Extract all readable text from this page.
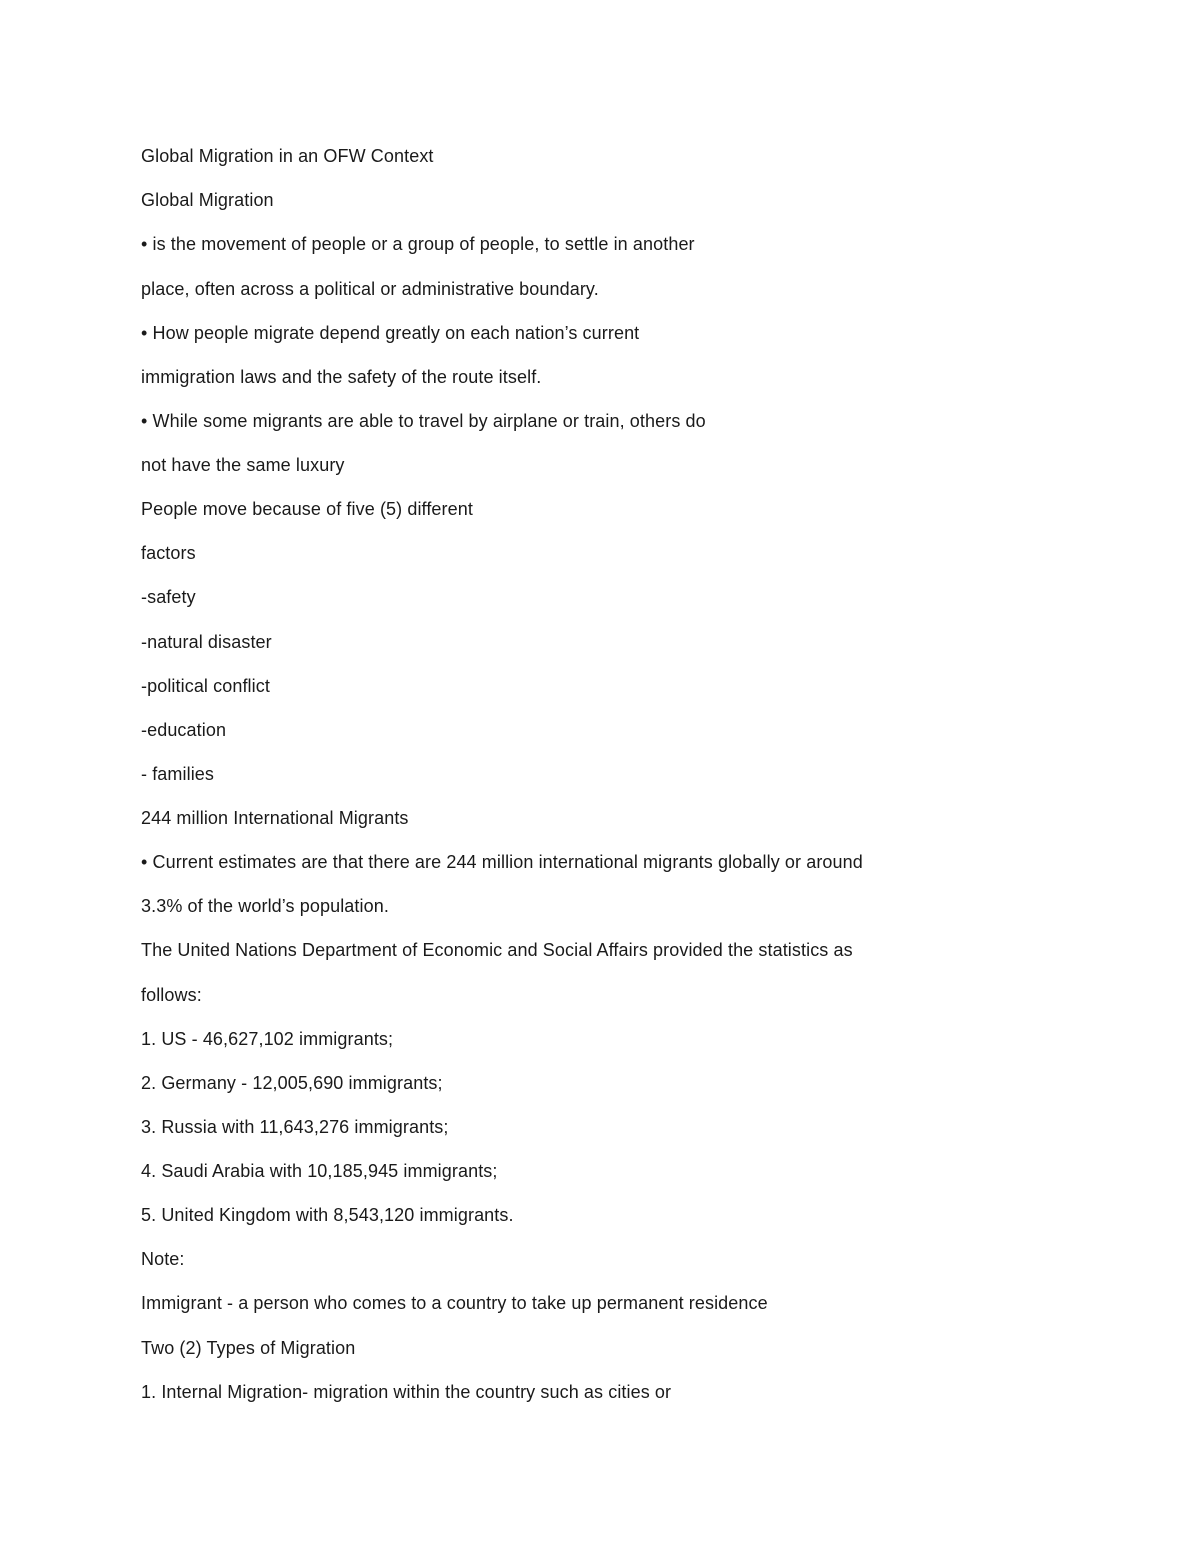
Global Migration in an OFW Context
Global Migration
• is the movement of people or a group of people, to settle in another
place, often across a political or administrative boundary.
• How people migrate depend greatly on each nation’s current
immigration laws and the safety of the route itself.
• While some migrants are able to travel by airplane or train, others do
not have the same luxury
People move because of five (5) different
factors
-safety
-natural disaster
-political conflict
-education
- families
244 million International Migrants
• Current estimates are that there are 244 million international migrants globally or around
3.3% of the world’s population.
The United Nations Department of Economic and Social Affairs provided the statistics as
follows:
1. US - 46,627,102 immigrants;
2. Germany - 12,005,690 immigrants;
3. Russia with 11,643,276 immigrants;
4. Saudi Arabia with 10,185,945 immigrants;
5. United Kingdom with 8,543,120 immigrants.
Note:
Immigrant - a person who comes to a country to take up permanent residence
Two (2) Types of Migration
1. Internal Migration- migration within the country such as cities or
